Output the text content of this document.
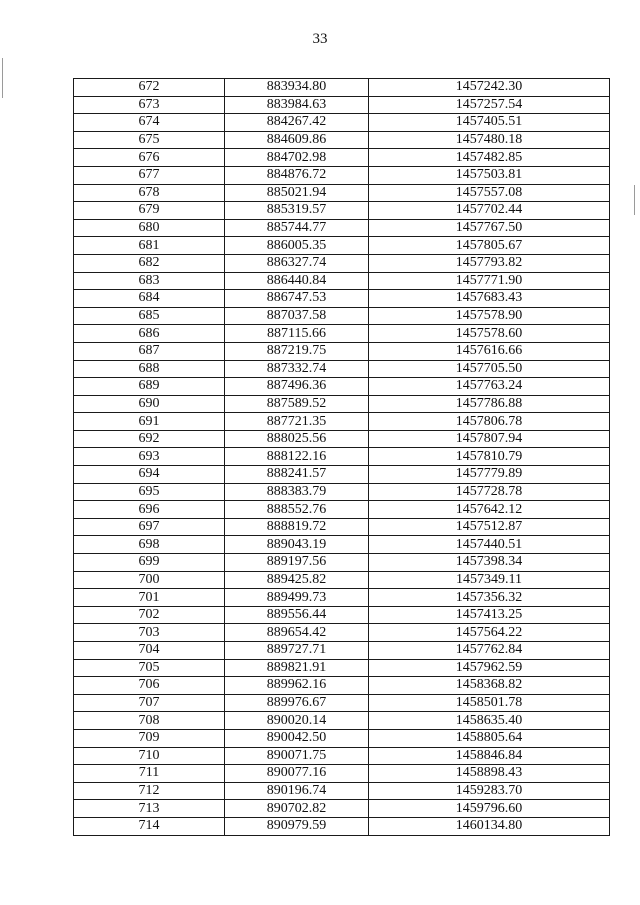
33
672	883934.80	1457242.30
673	883984.63	1457257.54
674	884267.42	1457405.51
675	884609.86	1457480.18
676	884702.98	1457482.85
677	884876.72	1457503.81
678	885021.94	1457557.08
679	885319.57	1457702.44
680	885744.77	1457767.50
681	886005.35	1457805.67
682	886327.74	1457793.82
683	886440.84	1457771.90
684	886747.53	1457683.43
685	887037.58	1457578.90
686	887115.66	1457578.60
687	887219.75	1457616.66
688	887332.74	1457705.50
689	887496.36	1457763.24
690	887589.52	1457786.88
691	887721.35	1457806.78
692	888025.56	1457807.94
693	888122.16	1457810.79
694	888241.57	1457779.89
695	888383.79	1457728.78
696	888552.76	1457642.12
697	888819.72	1457512.87
698	889043.19	1457440.51
699	889197.56	1457398.34
700	889425.82	1457349.11
701	889499.73	1457356.32
702	889556.44	1457413.25
703	889654.42	1457564.22
704	889727.71	1457762.84
705	889821.91	1457962.59
706	889962.16	1458368.82
707	889976.67	1458501.78
708	890020.14	1458635.40
709	890042.50	1458805.64
710	890071.75	1458846.84
711	890077.16	1458898.43
712	890196.74	1459283.70
713	890702.82	1459796.60
714	890979.59	1460134.80
